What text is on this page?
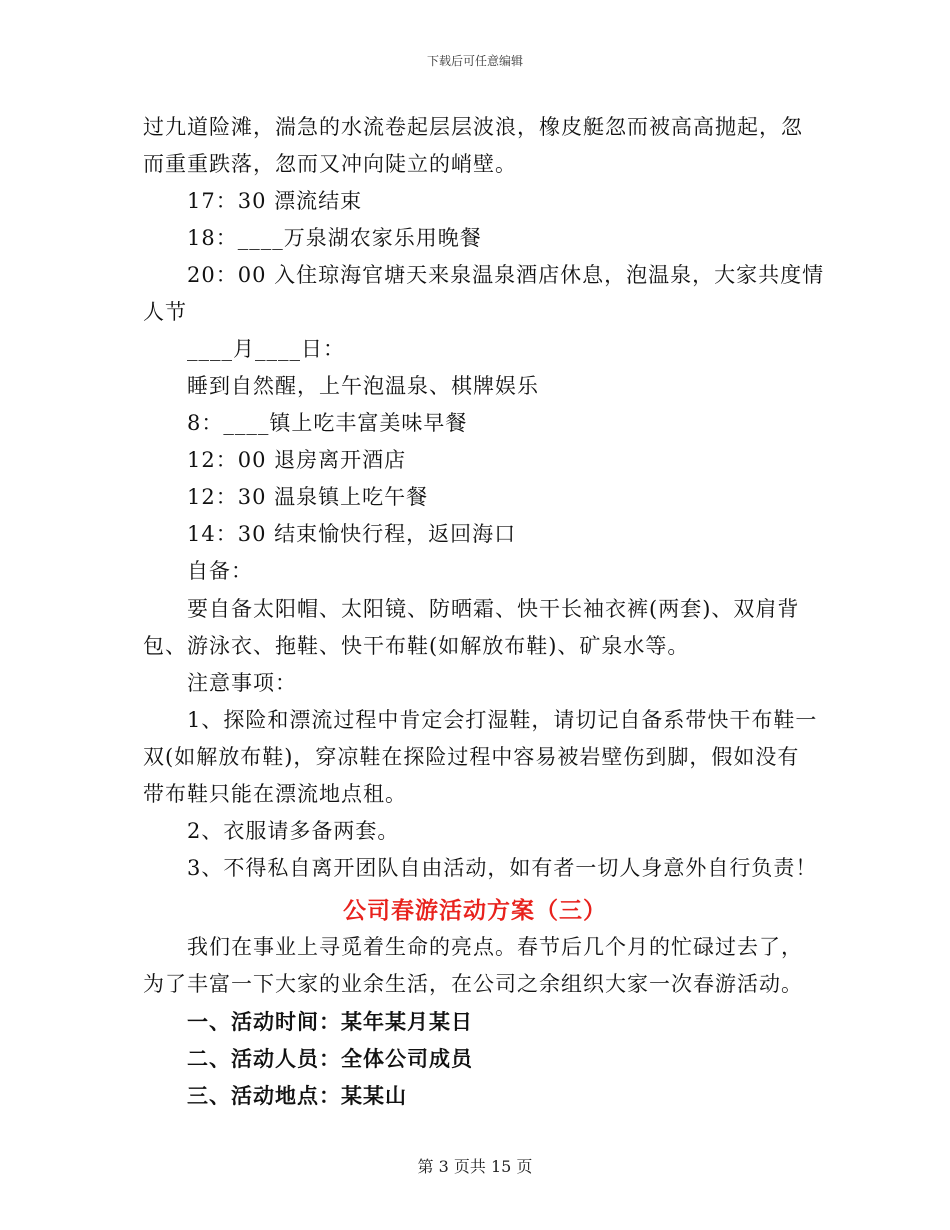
下载后可任意编辑
过九道险滩，湍急的水流卷起层层波浪，橡皮艇忽而被高高抛起，忽
而重重跌落，忽而又冲向陡立的峭壁。
17：30 漂流结束
18：____万泉湖农家乐用晚餐
20：00 入住琼海官塘天来泉温泉酒店休息，泡温泉，大家共度情
人节
____月____日：
睡到自然醒，上午泡温泉、棋牌娱乐
8：____镇上吃丰富美味早餐
12：00 退房离开酒店
12：30 温泉镇上吃午餐
14：30 结束愉快行程，返回海口
自备：
要自备太阳帽、太阳镜、防晒霜、快干长袖衣裤(两套)、双肩背
包、游泳衣、拖鞋、快干布鞋(如解放布鞋)、矿泉水等。
注意事项：
1、探险和漂流过程中肯定会打湿鞋，请切记自备系带快干布鞋一
双(如解放布鞋)，穿凉鞋在探险过程中容易被岩壁伤到脚，假如没有
带布鞋只能在漂流地点租。
2、衣服请多备两套。
3、不得私自离开团队自由活动，如有者一切人身意外自行负责！
公司春游活动方案（三）
我们在事业上寻觅着生命的亮点。春节后几个月的忙碌过去了，
为了丰富一下大家的业余生活，在公司之余组织大家一次春游活动。
一、活动时间：某年某月某日
二、活动人员：全体公司成员
三、活动地点：某某山
第 3 页共 15 页
